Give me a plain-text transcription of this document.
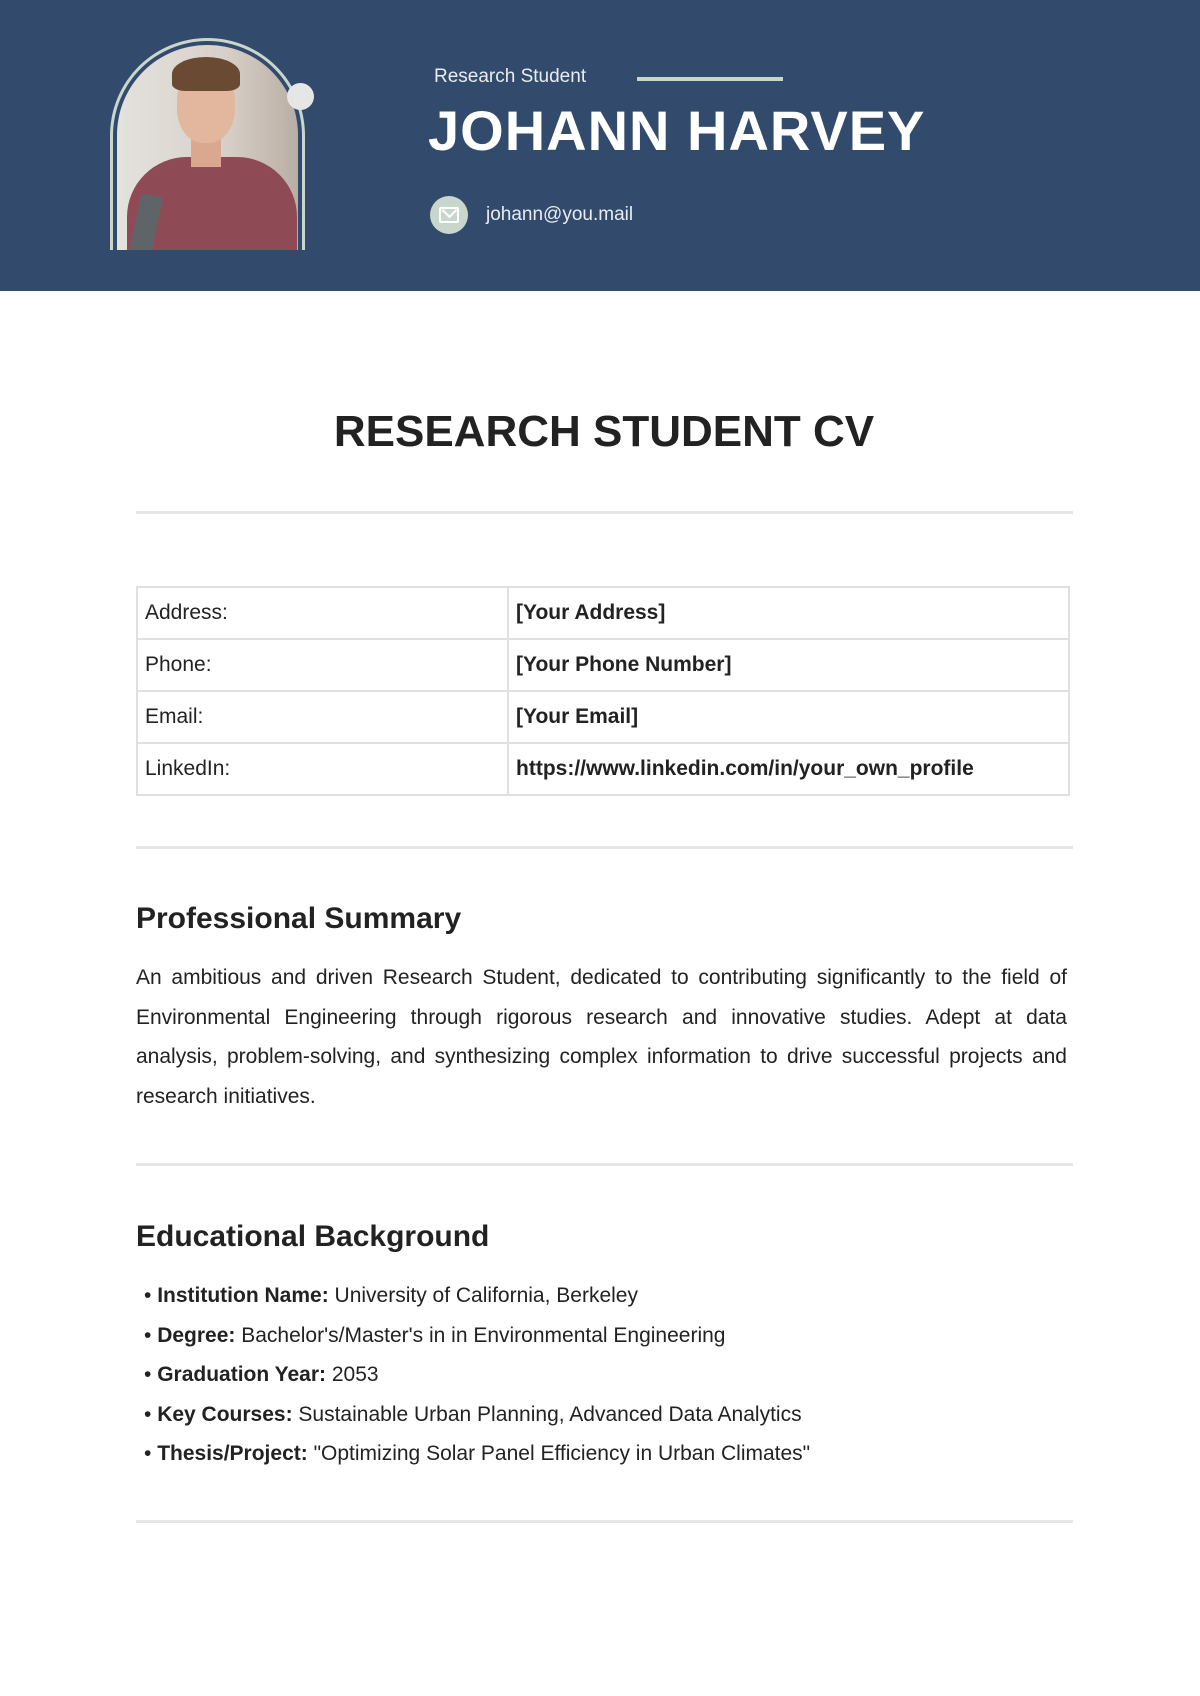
Research Student
JOHANN HARVEY
johann@you.mail
RESEARCH STUDENT CV
Address:	[Your Address]
Phone:	[Your Phone Number]
Email:	[Your Email]
LinkedIn:	https://www.linkedin.com/in/your_own_profile
Professional Summary

An ambitious and driven Research Student, dedicated to contributing significantly to the field of Environmental Engineering through rigorous research and innovative studies. Adept at data analysis, problem-solving, and synthesizing complex information to drive successful projects and research initiatives.

Educational Background
• Institution Name: University of California, Berkeley
• Degree: Bachelor's/Master's in in Environmental Engineering
• Graduation Year: 2053
• Key Courses: Sustainable Urban Planning, Advanced Data Analytics
• Thesis/Project: "Optimizing Solar Panel Efficiency in Urban Climates"
